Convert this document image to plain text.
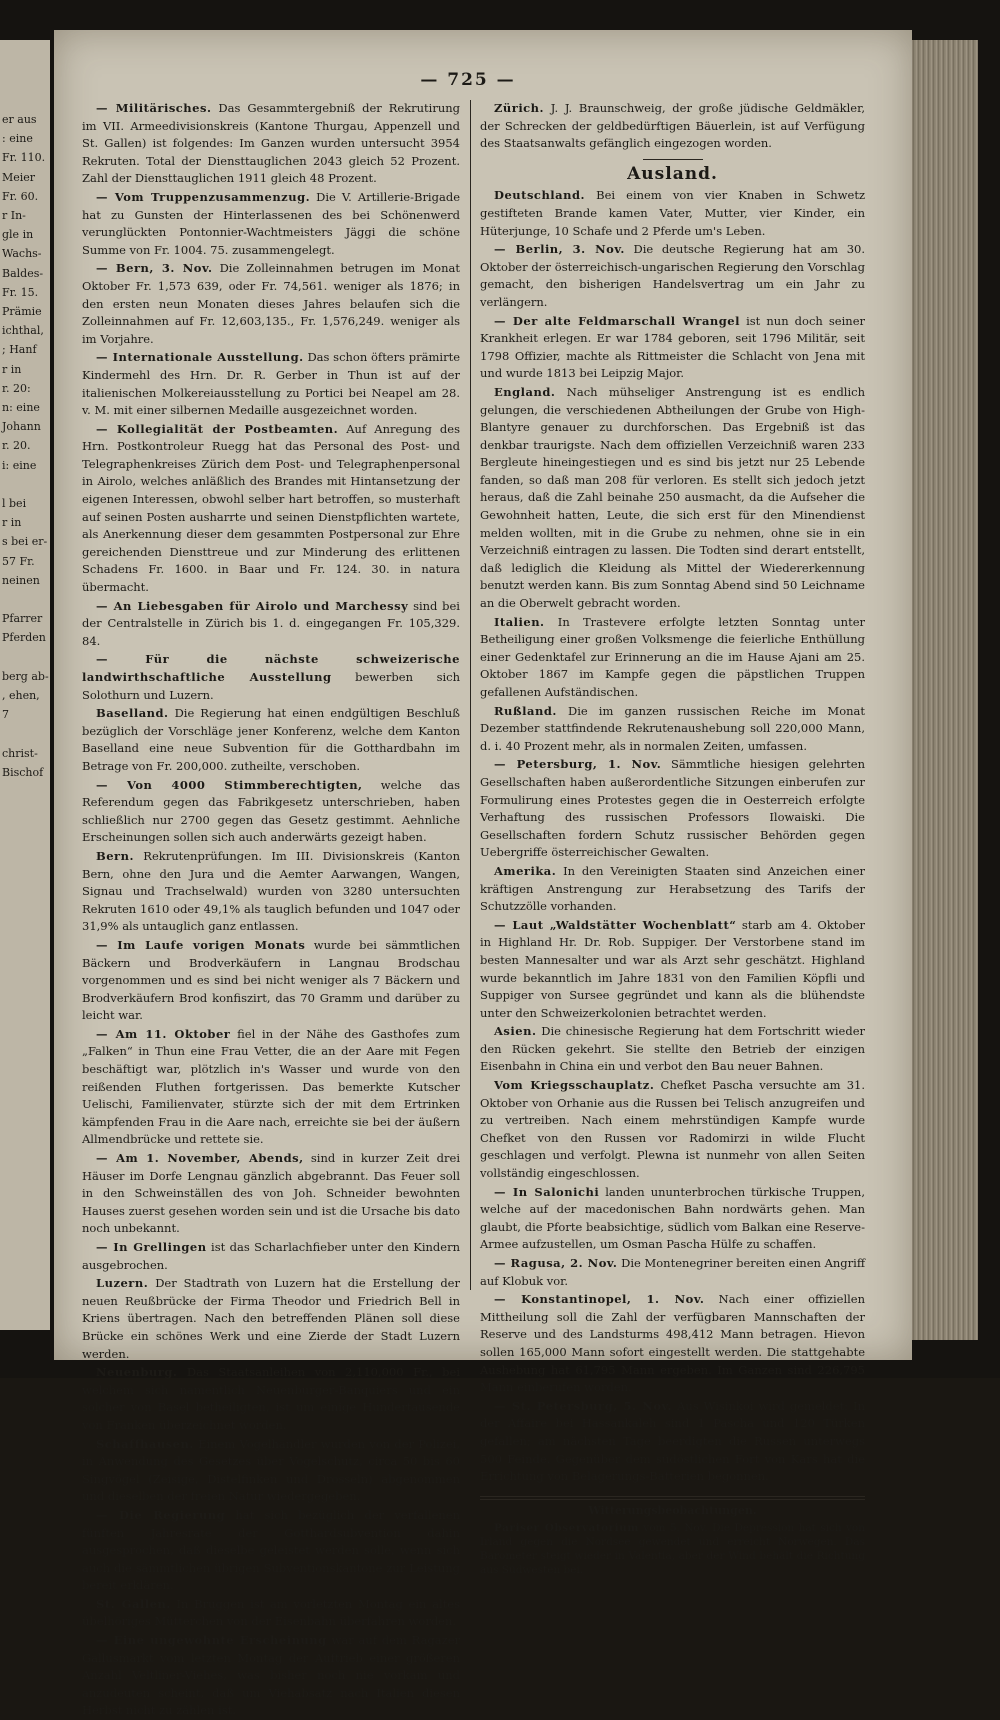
er aus
: eine
Fr. 110.
Meier
Fr. 60.
r In-
gle in
Wachs-
Baldes-
Fr. 15.
Prämie
ichthal,
; Hanf
r in
r. 20:
n: eine
Johann
r. 20.
i: eine

l bei
r in
s bei er-
57 Fr.
neinen

Pfarrer
Pferden

berg ab-
, ehen, 7

christ-
Bischof

— 725 —

— Militärisches. Das Gesammtergebniß der Rekrutirung im VII. Armeedivisionskreis (Kantone Thurgau, Appenzell und St. Gallen) ist folgendes: Im Ganzen wurden untersucht 3954 Rekruten. Total der Diensttauglichen 2043 gleich 52 Prozent. Zahl der Diensttauglichen 1911 gleich 48 Prozent.

— Vom Truppenzusammenzug. Die V. Artillerie-Brigade hat zu Gunsten der Hinterlassenen des bei Schönenwerd verunglückten Pontonnier-Wachtmeisters Jäggi die schöne Summe von Fr. 1004. 75. zusammengelegt.

— Bern, 3. Nov. Die Zolleinnahmen betrugen im Monat Oktober Fr. 1,573 639, oder Fr. 74,561. weniger als 1876; in den ersten neun Monaten dieses Jahres belaufen sich die Zolleinnahmen auf Fr. 12,603,135., Fr. 1,576,249. weniger als im Vorjahre.

— Internationale Ausstellung. Das schon öfters prämirte Kindermehl des Hrn. Dr. R. Gerber in Thun ist auf der italienischen Molkereiausstellung zu Portici bei Neapel am 28. v. M. mit einer silbernen Medaille ausgezeichnet worden.

— Kollegialität der Postbeamten. Auf Anregung des Hrn. Postkontroleur Ruegg hat das Personal des Post- und Telegraphenkreises Zürich dem Post- und Telegraphenpersonal in Airolo, welches anläßlich des Brandes mit Hintansetzung der eigenen Interessen, obwohl selber hart betroffen, so musterhaft auf seinen Posten ausharrte und seinen Dienstpflichten wartete, als Anerkennung dieser dem gesammten Postpersonal zur Ehre gereichenden Diensttreue und zur Minderung des erlittenen Schadens Fr. 1600. in Baar und Fr. 124. 30. in natura übermacht.

— An Liebesgaben für Airolo und Marchessy sind bei der Centralstelle in Zürich bis 1. d. eingegangen Fr. 105,329. 84.

— Für die nächste schweizerische landwirthschaftliche Ausstellung bewerben sich Solothurn und Luzern.

Baselland. Die Regierung hat einen endgültigen Beschluß bezüglich der Vorschläge jener Konferenz, welche dem Kanton Baselland eine neue Subvention für die Gotthardbahn im Betrage von Fr. 200,000. zutheilte, verschoben.

— Von 4000 Stimmberechtigten, welche das Referendum gegen das Fabrikgesetz unterschrieben, haben schließlich nur 2700 gegen das Gesetz gestimmt. Aehnliche Erscheinungen sollen sich auch anderwärts gezeigt haben.

Bern. Rekrutenprüfungen. Im III. Divisionskreis (Kanton Bern, ohne den Jura und die Aemter Aarwangen, Wangen, Signau und Trachselwald) wurden von 3280 untersuchten Rekruten 1610 oder 49,1% als tauglich befunden und 1047 oder 31,9% als untauglich ganz entlassen.

— Im Laufe vorigen Monats wurde bei sämmtlichen Bäckern und Brodverkäufern in Langnau Brodschau vorgenommen und es sind bei nicht weniger als 7 Bäckern und Brodverkäufern Brod konfiszirt, das 70 Gramm und darüber zu leicht war.

— Am 11. Oktober fiel in der Nähe des Gasthofes zum „Falken“ in Thun eine Frau Vetter, die an der Aare mit Fegen beschäftigt war, plötzlich in's Wasser und wurde von den reißenden Fluthen fortgerissen. Das bemerkte Kutscher Uelischi, Familienvater, stürzte sich der mit dem Ertrinken kämpfenden Frau in die Aare nach, erreichte sie bei der äußern Allmendbrücke und rettete sie.

— Am 1. November, Abends, sind in kurzer Zeit drei Häuser im Dorfe Lengnau gänzlich abgebrannt. Das Feuer soll in den Schweinställen des von Joh. Schneider bewohnten Hauses zuerst gesehen worden sein und ist die Ursache bis dato noch unbekannt.

— In Grellingen ist das Scharlachfieber unter den Kindern ausgebrochen.

Luzern. Der Stadtrath von Luzern hat die Erstellung der neuen Reußbrücke der Firma Theodor und Friedrich Bell in Kriens übertragen. Nach den betreffenden Plänen soll diese Brücke ein schönes Werk und eine Zierde der Stadt Luzern werden.

Neuenburg. Das Staatsanleihen von 2,110,000 Fr., bei welchem sich namentlich Neuenburger-Banquiers und ein solcher von Basel betheiligten, ist um einige Hundertausende von Franken überzeichnet worden.

Schaffhausen. Einem Vogelhändler wurden von der Polizei, in Anwendung des Gesetzes über Vogelschutz, circa 50 bis 60 Singvögel (Zeisige, Distelfinken und Drosseln) abgenommen und dieselben der freien Natur wiedergegeben.

— Die Regierung hat sich bezüglich der verfallenen fünften Jahresrate der Gotthardsubvention dahin ausgesprochen, daß dieselbe geleistet werden solle, wenn sich auch die sämmtlichen übrigen Subventionskantone zur Leistung bereit erklären.

St. Gallen. In Bruggen ist am vorletzten Montag ein altes übelhöriges Mütterchen von der Eisenbahn überfahren worden.

— Eine ungewohnte Erscheinung war auf dem Ragazer Gallusmarkt vom letzten Montag der Auftrieb einer größeren Anzahl Veltliner-Viehes, was bisher noch nie vorkam und anzudeuten scheint, daß um Viehabsatz nach Italien diesen Herbst nicht zu zählen ist.

Zürich. J. J. Braunschweig, der große jüdische Geldmäkler, der Schrecken der geldbedürftigen Bäuerlein, ist auf Verfügung des Staatsanwalts gefänglich eingezogen worden.

Ausland.

Deutschland. Bei einem von vier Knaben in Schwetz gestifteten Brande kamen Vater, Mutter, vier Kinder, ein Hüterjunge, 10 Schafe und 2 Pferde um's Leben.

— Berlin, 3. Nov. Die deutsche Regierung hat am 30. Oktober der österreichisch-ungarischen Regierung den Vorschlag gemacht, den bisherigen Handelsvertrag um ein Jahr zu verlängern.

— Der alte Feldmarschall Wrangel ist nun doch seiner Krankheit erlegen. Er war 1784 geboren, seit 1796 Militär, seit 1798 Offizier, machte als Rittmeister die Schlacht von Jena mit und wurde 1813 bei Leipzig Major.

England. Nach mühseliger Anstrengung ist es endlich gelungen, die verschiedenen Abtheilungen der Grube von High-Blantyre genauer zu durchforschen. Das Ergebniß ist das denkbar traurigste. Nach dem offiziellen Verzeichniß waren 233 Bergleute hineingestiegen und es sind bis jetzt nur 25 Lebende fanden, so daß man 208 für verloren. Es stellt sich jedoch jetzt heraus, daß die Zahl beinahe 250 ausmacht, da die Aufseher die Gewohnheit hatten, Leute, die sich erst für den Minendienst melden wollten, mit in die Grube zu nehmen, ohne sie in ein Verzeichniß eintragen zu lassen. Die Todten sind derart entstellt, daß lediglich die Kleidung als Mittel der Wiedererkennung benutzt werden kann. Bis zum Sonntag Abend sind 50 Leichname an die Oberwelt gebracht worden.

Italien. In Trastevere erfolgte letzten Sonntag unter Betheiligung einer großen Volksmenge die feierliche Enthüllung einer Gedenktafel zur Erinnerung an die im Hause Ajani am 25. Oktober 1867 im Kampfe gegen die päpstlichen Truppen gefallenen Aufständischen.

Rußland. Die im ganzen russischen Reiche im Monat Dezember stattfindende Rekrutenaushebung soll 220,000 Mann, d. i. 40 Prozent mehr, als in normalen Zeiten, umfassen.

— Petersburg, 1. Nov. Sämmtliche hiesigen gelehrten Gesellschaften haben außerordentliche Sitzungen einberufen zur Formulirung eines Protestes gegen die in Oesterreich erfolgte Verhaftung des russischen Professors Ilowaiski. Die Gesellschaften fordern Schutz russischer Behörden gegen Uebergriffe österreichischer Gewalten.

Amerika. In den Vereinigten Staaten sind Anzeichen einer kräftigen Anstrengung zur Herabsetzung des Tarifs der Schutzzölle vorhanden.

— Laut „Waldstätter Wochenblatt“ starb am 4. Oktober in Highland Hr. Dr. Rob. Suppiger. Der Verstorbene stand im besten Mannesalter und war als Arzt sehr geschätzt. Highland wurde bekanntlich im Jahre 1831 von den Familien Köpfli und Suppiger von Sursee gegründet und kann als die blühendste unter den Schweizerkolonien betrachtet werden.

Asien. Die chinesische Regierung hat dem Fortschritt wieder den Rücken gekehrt. Sie stellte den Betrieb der einzigen Eisenbahn in China ein und verbot den Bau neuer Bahnen.

Vom Kriegsschauplatz. Chefket Pascha versuchte am 31. Oktober von Orhanie aus die Russen bei Telisch anzugreifen und zu vertreiben. Nach einem mehrstündigen Kampfe wurde Chefket von den Russen vor Radomirzi in wilde Flucht geschlagen und verfolgt. Plewna ist nunmehr von allen Seiten vollständig eingeschlossen.

— In Salonichi landen ununterbrochen türkische Truppen, welche auf der macedonischen Bahn nordwärts gehen. Man glaubt, die Pforte beabsichtige, südlich vom Balkan eine Reserve-Armee aufzustellen, um Osman Pascha Hülfe zu schaffen.

— Ragusa, 2. Nov. Die Montenegriner bereiten einen Angriff auf Klobuk vor.

— Konstantinopel, 1. Nov. Nach einer offiziellen Mittheilung soll die Zahl der verfügbaren Mannschaften der Reserve und des Landsturms 498,412 Mann betragen. Hievon sollen 165,000 Mann sofort eingestellt werden. Die stattgehabte Aushebung hat 61,795 Mann ergeben. Im Ganzen sind 226,795 Mann einberufen worden.

— St. Petersburg, 5. Nov. Aus Wisinkoi wird gemeldet: In der Affaire bei Hassankaleh sind 1 Pascha und 120 Türken gefallen; am nächsten Tage beerdigten die Russen unterwegs 500 Feinde. Gegenüber dem südöstlichen Fort von Kars hat die Errichtung von Belagerungs-Batterien begonnen.

Witterungsbeobachtungen.

Pariser Observatorium vom 5. Nov. Die Depression hat sich von Irland gegen die Nordsee gewendet und erreicht Norwegen. Das Barometer steigt wieder in Valentia, aber der Wind behält die Richtung aus Südwesten bei.
